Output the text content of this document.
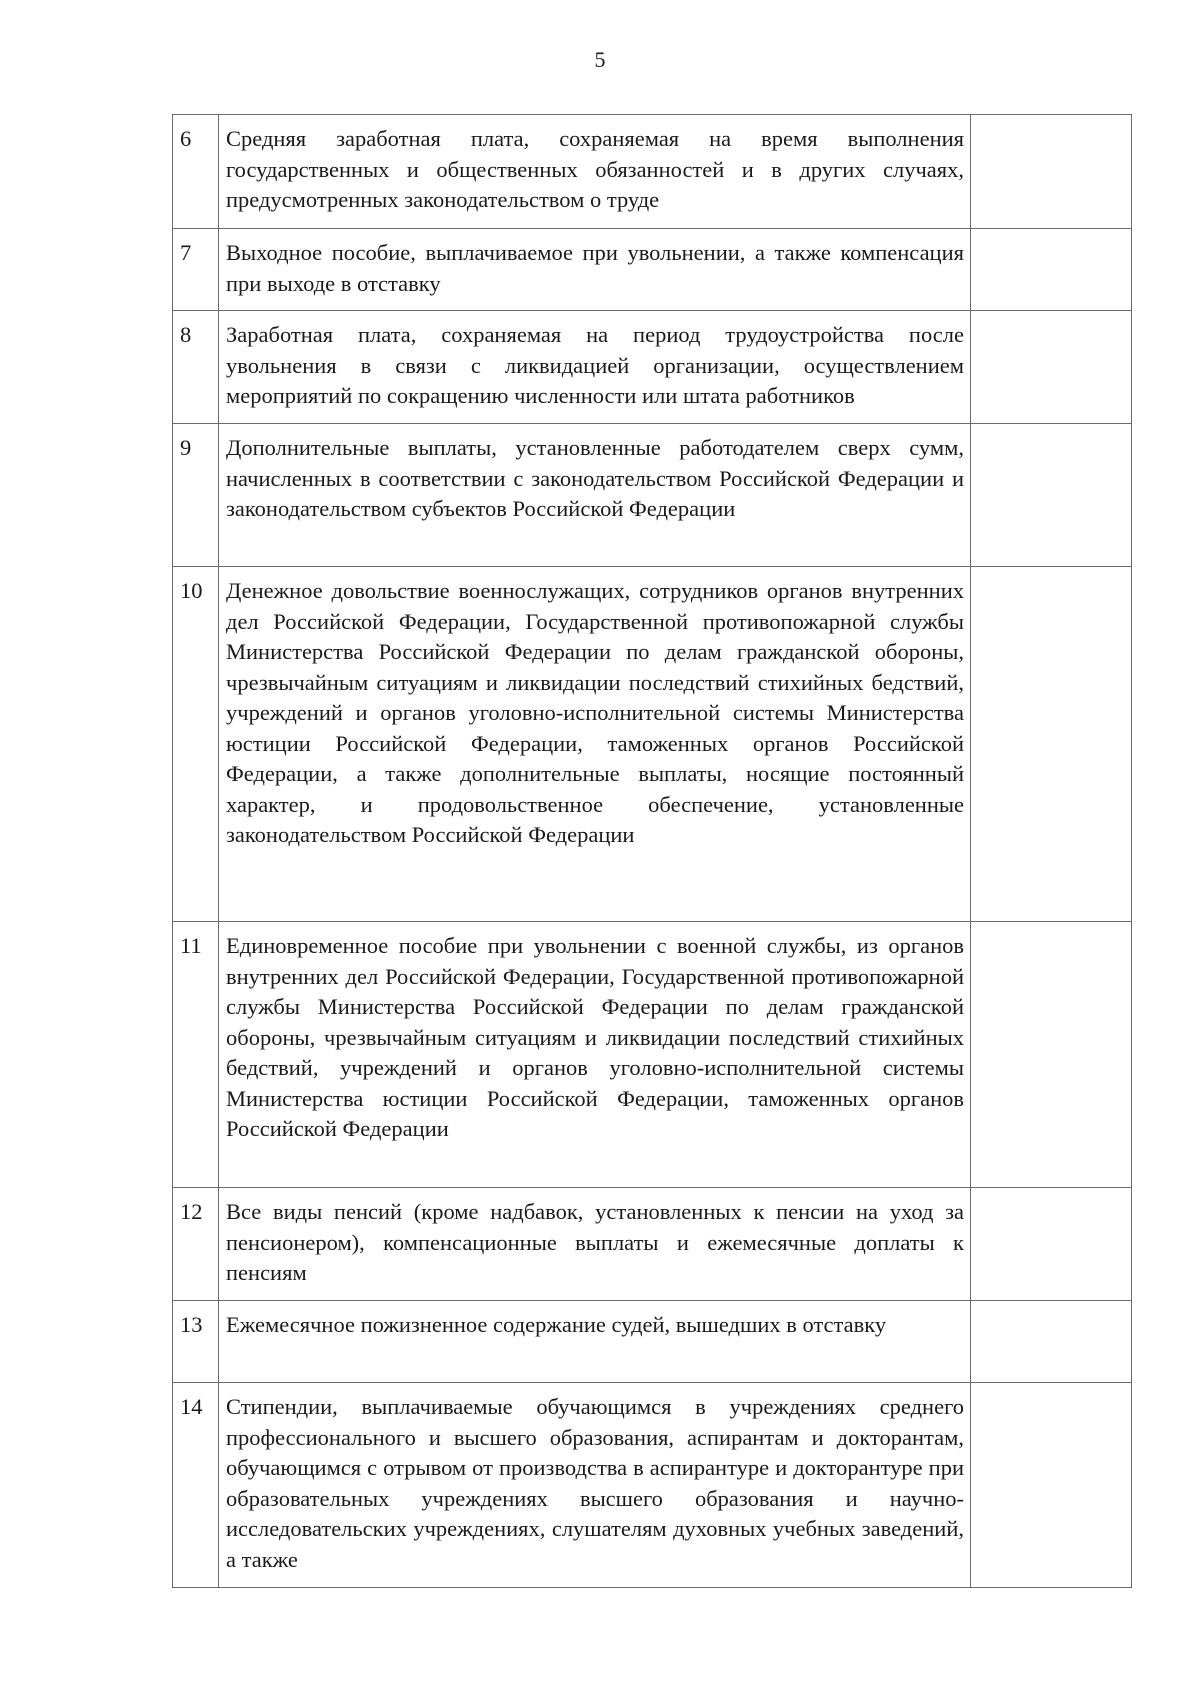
5
6	Средняя заработная плата, сохраняемая на время выполнения государственных и общественных обязанностей и в других случаях, предусмотренных законодательством о труде	
7	Выходное пособие, выплачиваемое при увольнении, а также компенсация при выходе в отставку	
8	Заработная плата, сохраняемая на период трудоустройства после увольнения в связи с ликвидацией организации, осуществлением мероприятий по сокращению численности или штата работников	
9	Дополнительные выплаты, установленные работодателем сверх сумм, начисленных в соответствии с законодательством Российской Федерации и законодательством субъектов Российской Федерации	
10	Денежное довольствие военнослужащих, сотрудников органов внутренних дел Российской Федерации, Государственной противопожарной службы Министерства Российской Федерации по делам гражданской обороны, чрезвычайным ситуациям и ликвидации последствий стихийных бедствий, учреждений и органов уголовно-исполнительной системы Министерства юстиции Российской Федерации, таможенных органов Российской Федерации, а также дополнительные выплаты, носящие постоянный характер, и продовольственное обеспечение, установленные законодательством Российской Федерации	
11	Единовременное пособие при увольнении с военной службы, из органов внутренних дел Российской Федерации, Государственной противопожарной службы Министерства Российской Федерации по делам гражданской обороны, чрезвычайным ситуациям и ликвидации последствий стихийных бедствий, учреждений и органов уголовно-исполнительной системы Министерства юстиции Российской Федерации, таможенных органов Российской Федерации	
12	Все виды пенсий (кроме надбавок, установленных к пенсии на уход за пенсионером), компенсационные выплаты и ежемесячные доплаты к пенсиям	
13	Ежемесячное пожизненное содержание судей, вышедших в отставку	
14	Стипендии, выплачиваемые обучающимся в учреждениях среднего профессионального и высшего образования, аспирантам и докторантам, обучающимся с отрывом от производства в аспирантуре и докторантуре при образовательных учреждениях высшего образования и научно-исследовательских учреждениях, слушателям духовных учебных заведений, а также	
